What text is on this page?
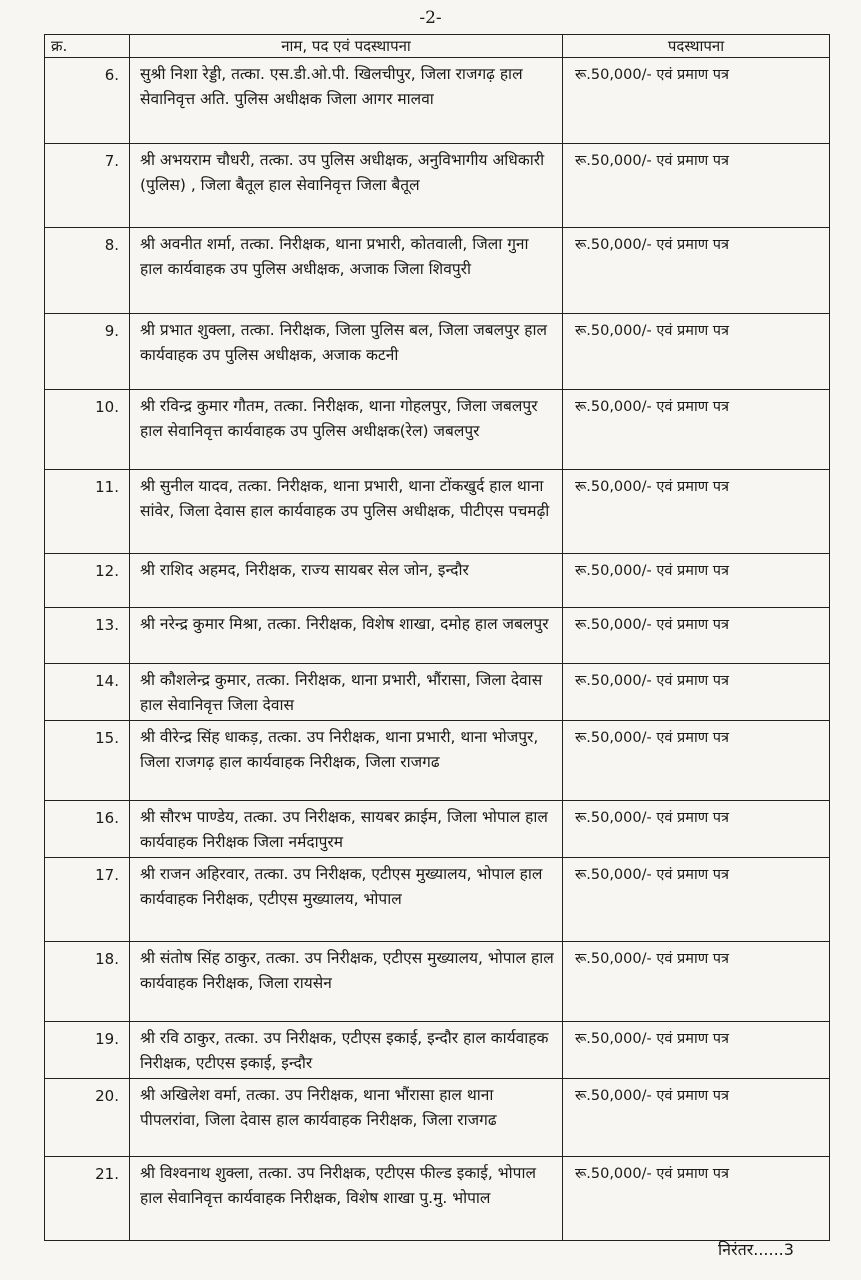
-2-
क्र.	नाम, पद एवं पदस्थापना	पदस्थापना
6.	सुश्री निशा रेड्डी, तत्का. एस.डी.ओ.पी. खिलचीपुर, जिला राजगढ़ हाल सेवानिवृत्त अति. पुलिस अधीक्षक जिला आगर मालवा	रू.50,000/- एवं प्रमाण पत्र
7.	श्री अभयराम चौधरी, तत्का. उप पुलिस अधीक्षक, अनुविभागीय अधिकारी (पुलिस) , जिला बैतूल हाल सेवानिवृत्त जिला बैतूल	रू.50,000/- एवं प्रमाण पत्र
8.	श्री अवनीत शर्मा, तत्का. निरीक्षक, थाना प्रभारी, कोतवाली, जिला गुना हाल कार्यवाहक उप पुलिस अधीक्षक, अजाक जिला शिवपुरी	रू.50,000/- एवं प्रमाण पत्र
9.	श्री प्रभात शुक्ला, तत्का. निरीक्षक, जिला पुलिस बल, जिला जबलपुर हाल कार्यवाहक उप पुलिस अधीक्षक, अजाक कटनी	रू.50,000/- एवं प्रमाण पत्र
10.	श्री रविन्द्र कुमार गौतम, तत्का. निरीक्षक, थाना गोहलपुर, जिला जबलपुर हाल सेवानिवृत्त कार्यवाहक उप पुलिस अधीक्षक(रेल) जबलपुर	रू.50,000/- एवं प्रमाण पत्र
11.	श्री सुनील यादव, तत्का. निरीक्षक, थाना प्रभारी, थाना टोंकखुर्द हाल थाना सांवेर, जिला देवास हाल कार्यवाहक उप पुलिस अधीक्षक, पीटीएस पचमढ़ी	रू.50,000/- एवं प्रमाण पत्र
12.	श्री राशिद अहमद, निरीक्षक, राज्य सायबर सेल जोन, इन्दौर	रू.50,000/- एवं प्रमाण पत्र
13.	श्री नरेन्द्र कुमार मिश्रा, तत्का. निरीक्षक, विशेष शाखा, दमोह हाल जबलपुर	रू.50,000/- एवं प्रमाण पत्र
14.	श्री कौशलेन्द्र कुमार, तत्का. निरीक्षक, थाना प्रभारी, भौंरासा, जिला देवास हाल सेवानिवृत्त जिला देवास	रू.50,000/- एवं प्रमाण पत्र
15.	श्री वीरेन्द्र सिंह धाकड़, तत्का. उप निरीक्षक, थाना प्रभारी, थाना भोजपुर, जिला राजगढ़ हाल कार्यवाहक निरीक्षक, जिला राजगढ	रू.50,000/- एवं प्रमाण पत्र
16.	श्री सौरभ पाण्डेय, तत्का. उप निरीक्षक, सायबर क्राईम, जिला भोपाल हाल कार्यवाहक निरीक्षक जिला नर्मदापुरम	रू.50,000/- एवं प्रमाण पत्र
17.	श्री राजन अहिरवार, तत्का. उप निरीक्षक, एटीएस मुख्यालय, भोपाल हाल कार्यवाहक निरीक्षक, एटीएस मुख्यालय, भोपाल	रू.50,000/- एवं प्रमाण पत्र
18.	श्री संतोष सिंह ठाकुर, तत्का. उप निरीक्षक, एटीएस मुख्यालय, भोपाल हाल कार्यवाहक निरीक्षक, जिला रायसेन	रू.50,000/- एवं प्रमाण पत्र
19.	श्री रवि ठाकुर, तत्का. उप निरीक्षक, एटीएस इकाई, इन्दौर हाल कार्यवाहक निरीक्षक, एटीएस इकाई, इन्दौर	रू.50,000/- एवं प्रमाण पत्र
20.	श्री अखिलेश वर्मा, तत्का. उप निरीक्षक, थाना भौंरासा हाल थाना पीपलरांवा, जिला देवास हाल कार्यवाहक निरीक्षक, जिला राजगढ	रू.50,000/- एवं प्रमाण पत्र
21.	श्री विश्वनाथ शुक्ला, तत्का. उप निरीक्षक, एटीएस फील्ड इकाई, भोपाल हाल सेवानिवृत्त कार्यवाहक निरीक्षक, विशेष शाखा पु.मु. भोपाल	रू.50,000/- एवं प्रमाण पत्र
निरंतर......3
